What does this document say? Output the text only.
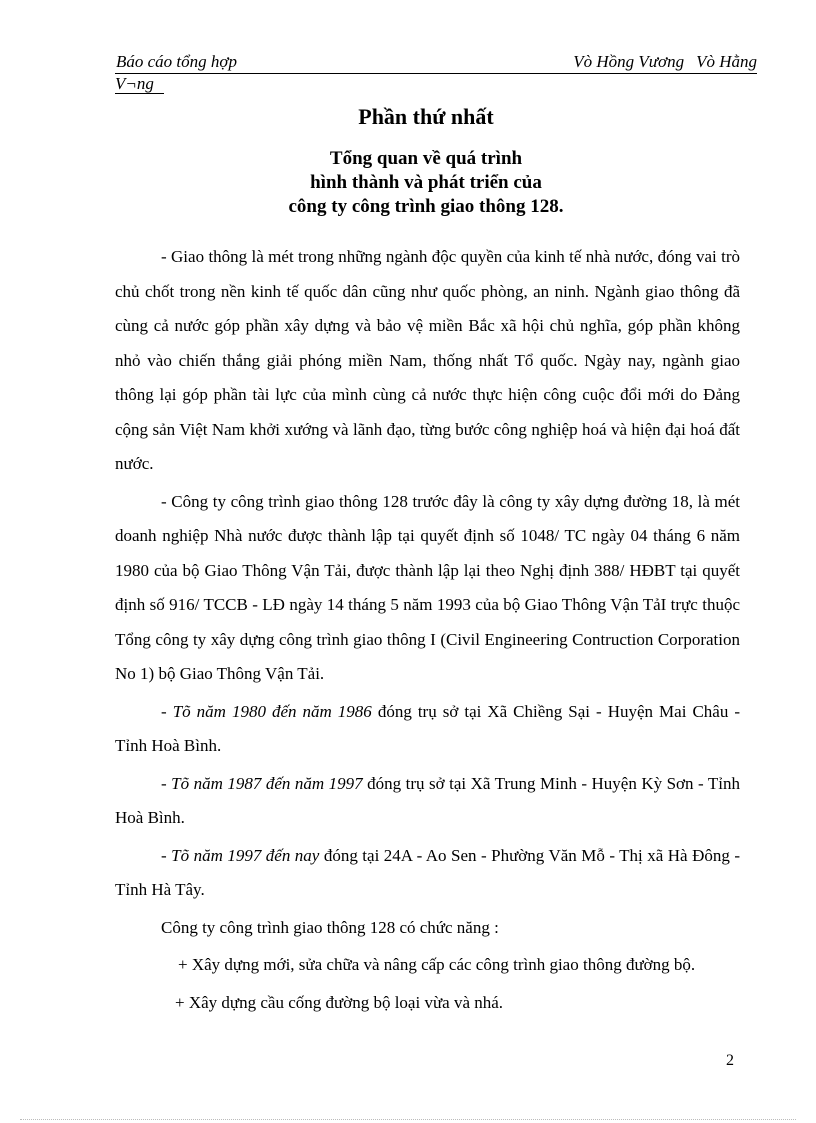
Báo cáo tổng hợp	Vò Hồng Vương Vò Hằng
V¬ng
Phần thứ nhất
Tổng quan về quá trình
hình thành và phát triển của
công ty công trình giao thông 128.

- Giao thông là mét trong những ngành độc quyền của kinh tế nhà nước, đóng vai trò chủ chốt trong nền kinh tế quốc dân cũng như quốc phòng, an ninh. Ngành giao thông đã cùng cả nước góp phần xây dựng và bảo vệ miền Bắc xã hội chủ nghĩa, góp phần không nhỏ vào chiến thắng giải phóng miền Nam, thống nhất Tổ quốc. Ngày nay, ngành giao thông lại góp phần tài lực của mình cùng cả nước thực hiện công cuộc đổi mới do Đảng cộng sản Việt Nam khởi xướng và lãnh đạo, từng bước công nghiệp hoá và hiện đại hoá đất nước.

- Công ty công trình giao thông 128 trước đây là công ty xây dựng đường 18, là mét doanh nghiệp Nhà nước được thành lập tại quyết định số 1048/ TC ngày 04 tháng 6 năm 1980 của bộ Giao Thông Vận Tải, được thành lập lại theo Nghị định 388/ HĐBT tại quyết định số 916/ TCCB - LĐ ngày 14 tháng 5 năm 1993 của bộ Giao Thông Vận TảI trực thuộc Tổng công ty xây dựng công trình giao thông I (Civil Engineering Contruction Corporation No 1) bộ Giao Thông Vận Tải.

- Tõ năm 1980 đến năm 1986 đóng trụ sở tại Xã Chiềng Sại - Huyện Mai Châu - Tỉnh Hoà Bình.

- Tõ năm 1987 đến năm 1997 đóng trụ sở tại Xã Trung Minh - Huyện Kỳ Sơn - Tỉnh Hoà Bình.

- Tõ năm 1997 đến nay đóng tại 24A - Ao Sen - Phường Văn Mỗ - Thị xã Hà Đông - Tỉnh Hà Tây.

Công ty công trình giao thông 128 có chức năng :

+ Xây dựng mới, sửa chữa và nâng cấp các công trình giao thông đường bộ.

+ Xây dựng cầu cống đường bộ loại vừa và nhá.

2
